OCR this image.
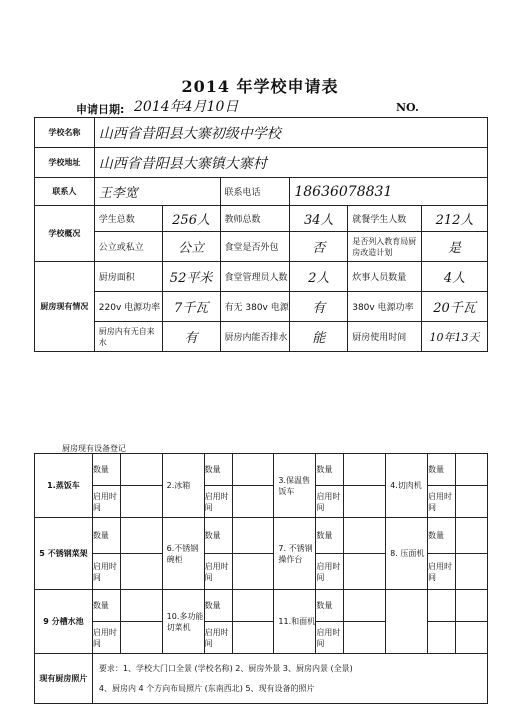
2014 年学校申请表
申请日期: 2014年4月10日	NO.
学校名称	山西省昔阳县大寨初级中学校					
学校地址	山西省昔阳县大寨镇大寨村					
联系人	王李宽		联系电话	18636078831		
学校概况	学生总数	256人	教师总数	34人	就餐学生人数	212人
	公立或私立	公立	食堂是否外包	否	是否列入教育局厨房改造计划	是
厨房现有情况	厨房面积	52平米	食堂管理员人数	2人	炊事人员数量	4人
	220v 电源功率	7千瓦	有无 380v 电源	有	380v 电源功率	20千瓦
	厨房内有无自来水	有	厨房内能否排水	能	厨房使用时间	10年13天
厨房现有设备登记
1.蒸饭车	数量		2.冰箱	数量		3.保温售饭车	数量		4.切肉机	数量	
	启用时间			启用时间			启用时间			启用时间	
5 不锈钢菜架	数量		6.不锈钢碗柜	数量		7. 不锈钢操作台	数量		8. 压面机	数量	
	启用时间			启用时间			启用时间			启用时间	
9 分槽水池	数量		10.多功能切菜机	数量		11.和面机	数量				
	启用时间			启用时间			启用时间				
现有厨房照片	要求：1、学校大门口全景 (学校名称) 2、厨房外景 3、厨房内景 (全景)
4、厨房内 4 个方向布局照片 (东南西北) 5、现有设备的照片										
